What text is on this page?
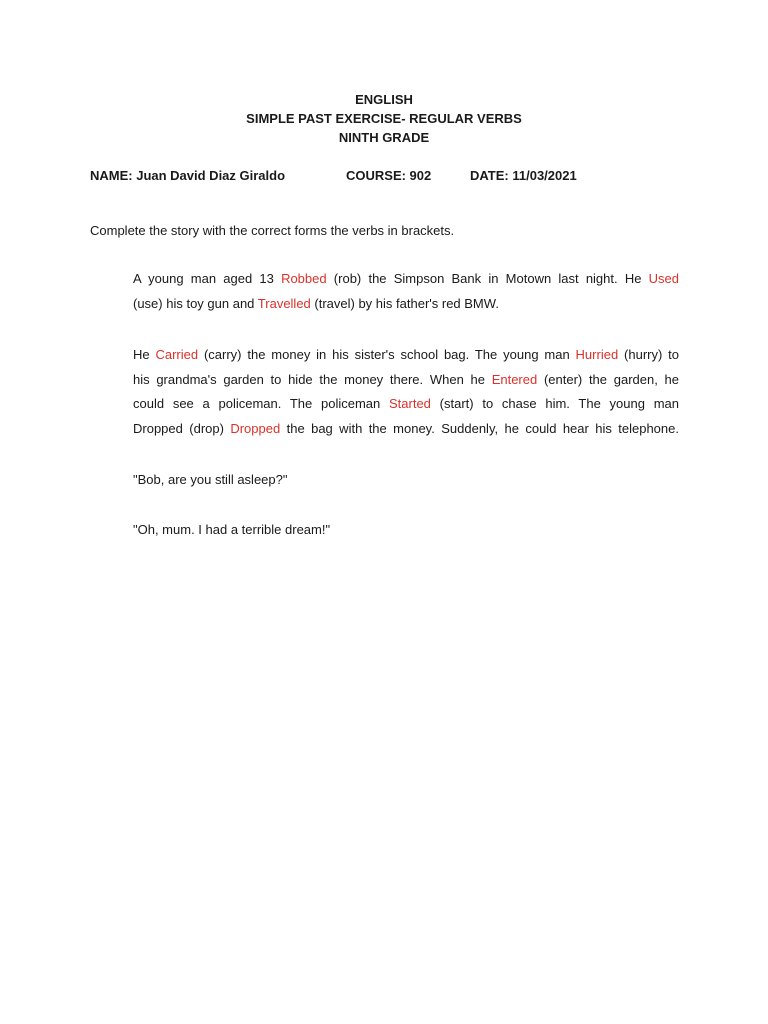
ENGLISH
SIMPLE PAST EXERCISE- REGULAR VERBS
NINTH GRADE
NAME: Juan David Diaz Giraldo	COURSE: 902	DATE: 11/03/2021
Complete the story with the correct forms the verbs in brackets.
A young man aged 13 Robbed (rob) the Simpson Bank in Motown last night. He Used
(use) his toy gun and Travelled (travel) by his father's red BMW.
He Carried (carry) the money in his sister's school bag. The young man Hurried (hurry) to
his grandma's garden to hide the money there. When he Entered (enter) the garden, he
could see a policeman. The policeman Started (start) to chase him. The young man
Dropped (drop) Dropped the bag with the money. Suddenly, he could hear his telephone.
"Bob, are you still asleep?"
"Oh, mum. I had a terrible dream!"
